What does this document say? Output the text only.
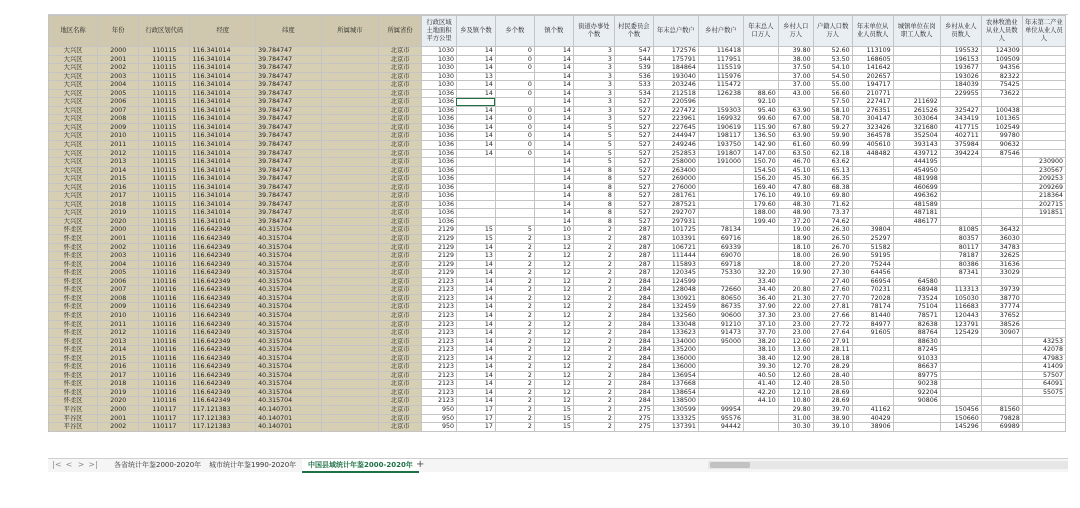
地区名称	年份	行政区划代码	经度	纬度	所属城市	所属省份	行政区域土地面积平方公里	乡及镇个数	乡个数	镇个数	街道办事处个数	村民委员会个数	年末总户数户	乡村户数户	年末总人口万人	乡村人口万人	户籍人口数万人	年末单位从业人员数人	城镇单位在岗职工人数人	乡村从业人员数人	农林牧渔业从业人员数人	年末第二产业单位从业人员人
大兴区	2000	110115	116.341014	39.784747		北京市	1030	14	0	14	3	547	172576	116418		39.80	52.60	113109		195532	124309	
大兴区	2001	110115	116.341014	39.784747		北京市	1030	14	0	14	3	544	175791	117951		38.00	53.50	168605		196153	109509	
大兴区	2002	110115	116.341014	39.784747		北京市	1030	14	0	14	3	539	184864	115519		37.50	54.10	141642		193677	94356	
大兴区	2003	110115	116.341014	39.784747		北京市	1030	13		14	3	536	193040	115976		37.00	54.50	202657		193026	82322	
大兴区	2004	110115	116.341014	39.784747		北京市	1030	14	0	14	3	533	203246	115472		37.00	55.00	194717		184039	75425	
大兴区	2005	110115	116.341014	39.784747		北京市	1036	14	0	14	3	534	212518	126238	88.60	43.00	56.60	210771		229955	73622	
大兴区	2006	110115	116.341014	39.784747		北京市	1036			14	3	527	220596		92.10		57.50	227417	211692			
大兴区	2007	110115	116.341014	39.784747		北京市	1036	14	0	14	3	527	227472	159303	95.40	63.90	58.10	276351	261526	325427	100438	
大兴区	2008	110115	116.341014	39.784747		北京市	1036	14	0	14	3	527	223961	169932	99.60	67.00	58.70	304147	303064	343419	101365	
大兴区	2009	110115	116.341014	39.784747		北京市	1036	14	0	14	5	527	227645	190619	115.90	67.80	59.27	323426	321680	417715	102549	
大兴区	2010	110115	116.341014	39.784747		北京市	1036	14	0	14	5	527	244947	198117	136.50	63.90	59.90	364578	352504	402711	99780	
大兴区	2011	110115	116.341014	39.784747		北京市	1036	14	0	14	5	527	249246	193750	142.90	61.60	60.99	405610	393143	375984	90632	
大兴区	2012	110115	116.341014	39.784747		北京市	1036	14	0	14	5	527	252853	191807	147.00	63.50	62.18	448482	439712	394224	87546	
大兴区	2013	110115	116.341014	39.784747		北京市	1036			14	5	527	258000	191000	150.70	46.70	63.62		444195			230900
大兴区	2014	110115	116.341014	39.784747		北京市	1036			14	8	527	263400		154.50	45.10	65.13		454950			230567
大兴区	2015	110115	116.341014	39.784747		北京市	1036			14	8	527	269000		156.20	45.30	66.35		481998			209253
大兴区	2016	110115	116.341014	39.784747		北京市	1036			14	8	527	276000		169.40	47.80	68.38		460699			209269
大兴区	2017	110115	116.341014	39.784747		北京市	1036			14	8	527	281761		176.10	49.10	69.80		496362			218364
大兴区	2018	110115	116.341014	39.784747		北京市	1036			14	8	527	287521		179.60	48.30	71.62		481589			202715
大兴区	2019	110115	116.341014	39.784747		北京市	1036			14	8	527	292707		188.00	48.90	73.37		487181			191851
大兴区	2020	110115	116.341014	39.784747		北京市	1036			14	8	527	297931		199.40	37.20	74.62		486177			
怀柔区	2000	110116	116.642349	40.315704		北京市	2129	15	5	10	2	287	101725	78134		19.00	26.30	39804		81085	36432	
怀柔区	2001	110116	116.642349	40.315704		北京市	2129	15	2	13	2	287	103391	69716		18.90	26.50	25297		80357	36030	
怀柔区	2002	110116	116.642349	40.315704		北京市	2129	14	2	12	2	287	106721	69339		18.10	26.70	51582		80117	34783	
怀柔区	2003	110116	116.642349	40.315704		北京市	2129	13	2	12	2	287	111444	69070		18.00	26.90	59195		78187	32625	
怀柔区	2004	110116	116.642349	40.315704		北京市	2129	14	2	12	2	287	115893	69718		18.00	27.20	75244		80386	31636	
怀柔区	2005	110116	116.642349	40.315704		北京市	2129	14	2	12	2	287	120345	75330	32.20	19.90	27.30	64456		87341	33029	
怀柔区	2006	110116	116.642349	40.315704		北京市	2123	14	2	12	2	284	124599		33.40		27.40	66954	64580			
怀柔区	2007	110116	116.642349	40.315704		北京市	2123	14	2	12	2	284	128048	72660	34.40	20.80	27.60	70231	68948	113313	39739	
怀柔区	2008	110116	116.642349	40.315704		北京市	2123	14	2	12	2	284	130921	80650	36.40	21.30	27.70	72028	73524	105030	38770	
怀柔区	2009	110116	116.642349	40.315704		北京市	2123	14	2	12	2	284	132459	86735	37.90	22.00	27.81	78174	75104	116683	37774	
怀柔区	2010	110116	116.642349	40.315704		北京市	2123	14	2	12	2	284	132560	90600	37.30	23.00	27.66	81440	78571	120443	37652	
怀柔区	2011	110116	116.642349	40.315704		北京市	2123	14	2	12	2	284	133048	91210	37.10	23.00	27.72	84977	82638	123791	38526	
怀柔区	2012	110116	116.642349	40.315704		北京市	2123	14	2	12	2	284	133623	91473	37.70	23.00	27.64	91605	88764	125429	30907	
怀柔区	2013	110116	116.642349	40.315704		北京市	2123	14	2	12	2	284	134000	95000	38.20	12.60	27.91		88630			43253
怀柔区	2014	110116	116.642349	40.315704		北京市	2123	14	2	12	2	284	135200		38.10	13.00	28.11		87245			42078
怀柔区	2015	110116	116.642349	40.315704		北京市	2123	14	2	12	2	284	136000		38.40	12.90	28.18		91033			47983
怀柔区	2016	110116	116.642349	40.315704		北京市	2123	14	2	12	2	284	136000		39.30	12.70	28.29		86637			41409
怀柔区	2017	110116	116.642349	40.315704		北京市	2123	14	2	12	2	284	136954		40.50	12.60	28.40		89775			57507
怀柔区	2018	110116	116.642349	40.315704		北京市	2123	14	2	12	2	284	137668		41.40	12.40	28.50		90238			64091
怀柔区	2019	110116	116.642349	40.315704		北京市	2123	14	2	12	2	284	138654		42.20	12.10	28.69		92204			55075
怀柔区	2020	110116	116.642349	40.315704		北京市	2123	14	2	12	2	284	138500		44.10	10.80	28.69		90806			
平谷区	2000	110117	117.121383	40.140701		北京市	950	17	2	15	2	275	130599	99954		29.80	39.70	41162		150456	81560	
平谷区	2001	110117	117.121383	40.140701		北京市	950	17	2	15	2	275	133325	95576		31.00	38.90	40429		150660	79828	
平谷区	2002	110117	117.121383	40.140701		北京市	950	17	2	15	2	275	137391	94442		30.30	39.10	38906		145296	69989	
|< < > >|	各省统计年鉴2000-2020年	城市统计年鉴1990-2020年	中国县域统计年鉴2000-2020年 +
